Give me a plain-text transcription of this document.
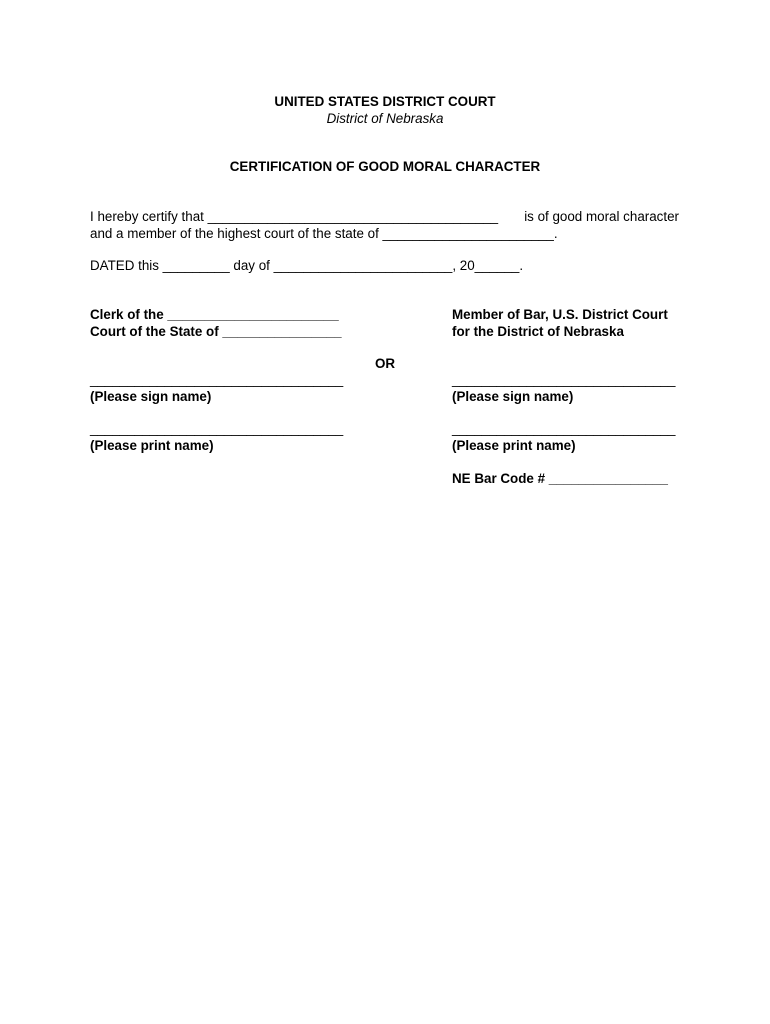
UNITED STATES DISTRICT COURT
District of Nebraska
CERTIFICATION OF GOOD MORAL CHARACTER
I hereby certify that _______________________________________ is of good moral character
and a member of the highest court of the state of _______________________.
DATED this _________ day of ________________________, 20______.
Clerk of the _______________________
Court of the State of ________________
Member of Bar, U.S. District Court
for the District of Nebraska
OR
__________________________________
(Please sign name)
______________________________
(Please sign name)
__________________________________
(Please print name)
______________________________
(Please print name)
NE Bar Code # ________________
